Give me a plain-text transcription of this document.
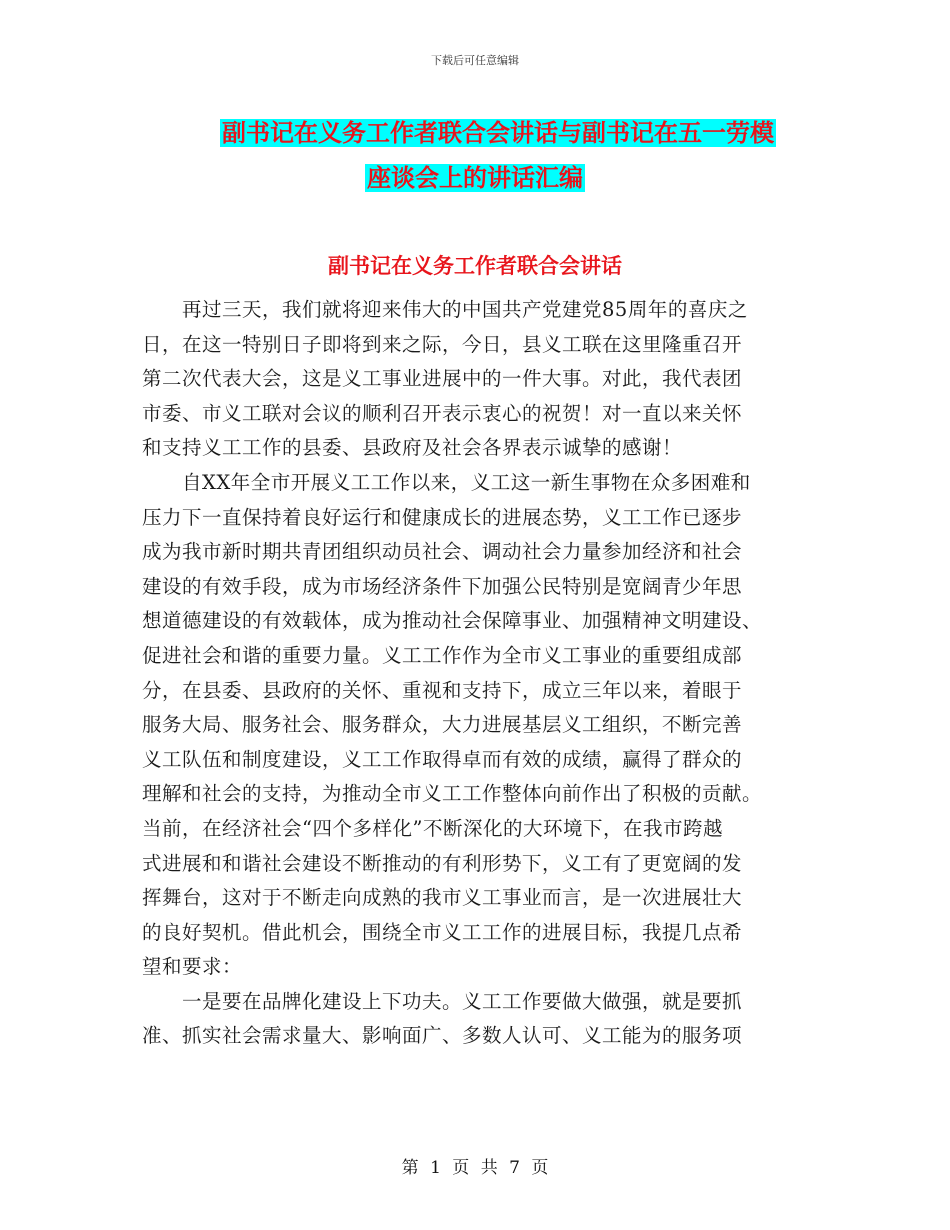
下载后可任意编辑
副书记在义务工作者联合会讲话与副书记在五一劳模
座谈会上的讲话汇编
副书记在义务工作者联合会讲话
　　再过三天，我们就将迎来伟大的中国共产党建党85周年的喜庆之
日，在这一特别日子即将到来之际，今日，县义工联在这里隆重召开
第二次代表大会，这是义工事业进展中的一件大事。对此，我代表团
市委、市义工联对会议的顺利召开表示衷心的祝贺！对一直以来关怀
和支持义工工作的县委、县政府及社会各界表示诚挚的感谢！
　　自XX年全市开展义工工作以来，义工这一新生事物在众多困难和
压力下一直保持着良好运行和健康成长的进展态势，义工工作已逐步
成为我市新时期共青团组织动员社会、调动社会力量参加经济和社会
建设的有效手段，成为市场经济条件下加强公民特别是宽阔青少年思
想道德建设的有效载体，成为推动社会保障事业、加强精神文明建设、
促进社会和谐的重要力量。义工工作作为全市义工事业的重要组成部
分，在县委、县政府的关怀、重视和支持下，成立三年以来，着眼于
服务大局、服务社会、服务群众，大力进展基层义工组织，不断完善
义工队伍和制度建设，义工工作取得卓而有效的成绩，赢得了群众的
理解和社会的支持，为推动全市义工工作整体向前作出了积极的贡献。
当前，在经济社会“四个多样化”不断深化的大环境下，在我市跨越
式进展和和谐社会建设不断推动的有利形势下，义工有了更宽阔的发
挥舞台，这对于不断走向成熟的我市义工事业而言，是一次进展壮大
的良好契机。借此机会，围绕全市义工工作的进展目标，我提几点希
望和要求：
　　一是要在品牌化建设上下功夫。义工工作要做大做强，就是要抓
准、抓实社会需求量大、影响面广、多数人认可、义工能为的服务项
第 1 页 共 7 页
